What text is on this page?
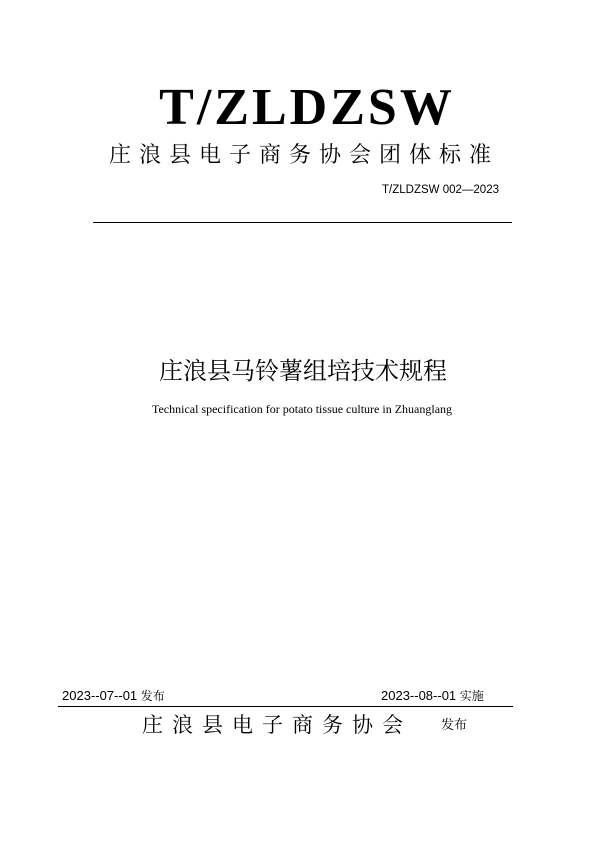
T/ZLDZSW
庄浪县电子商务协会团体标准
T/ZLDZSW 002—2023
庄浪县马铃薯组培技术规程
Technical specification for potato tissue culture in Zhuanglang
2023--07--01 发布	2023--08--01 实施
庄浪县电子商务协会 发布
